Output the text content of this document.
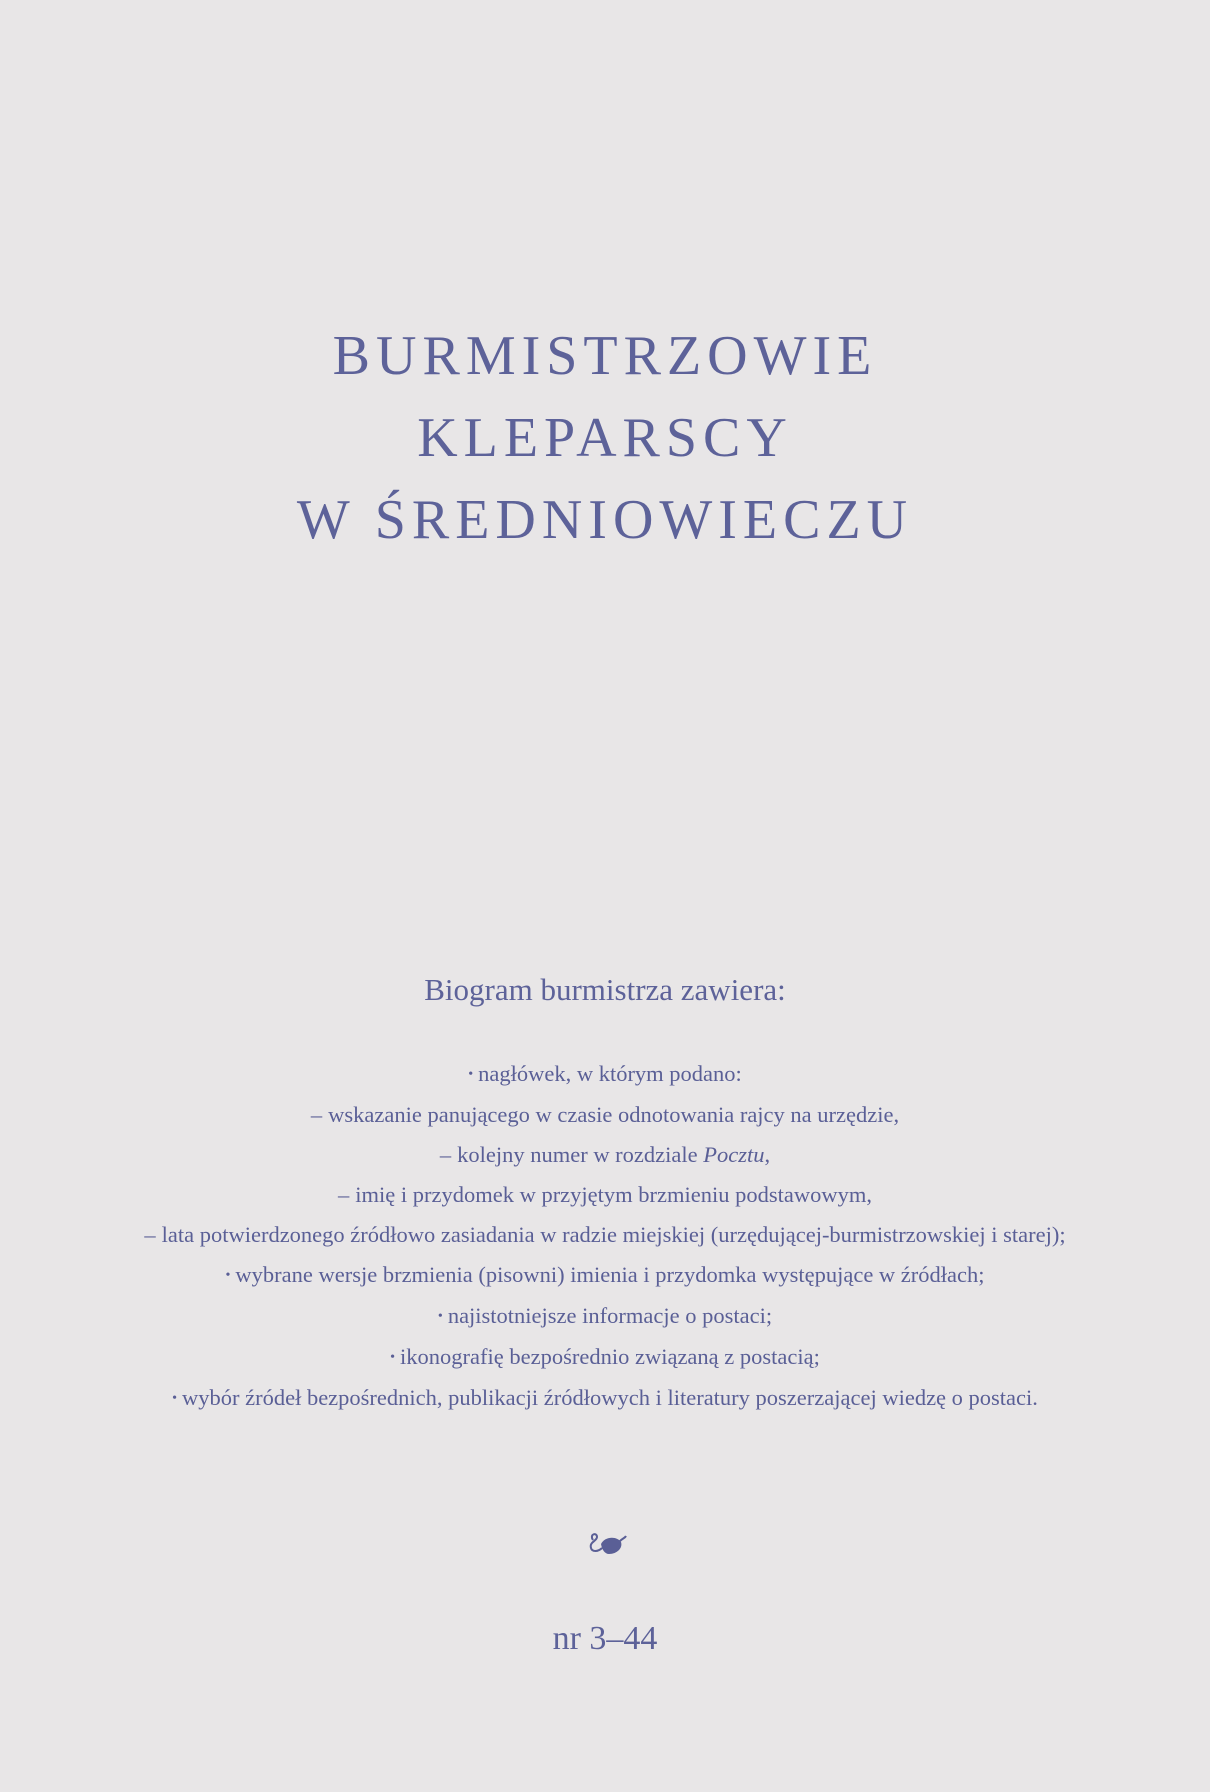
BURMISTRZOWIE
KLEPARSCY
W ŚREDNIOWIECZU

Biogram burmistrza zawiera:

• nagłówek, w którym podano:
– wskazanie panującego w czasie odnotowania rajcy na urzędzie,
– kolejny numer w rozdziale Pocztu,
– imię i przydomek w przyjętym brzmieniu podstawowym,
– lata potwierdzonego źródłowo zasiadania w radzie miejskiej (urzędującej-burmistrzowskiej i starej);
• wybrane wersje brzmienia (pisowni) imienia i przydomka występujące w źródłach;
• najistotniejsze informacje o postaci;
• ikonografię bezpośrednio związaną z postacią;
• wybór źródeł bezpośrednich, publikacji źródłowych i literatury poszerzającej wiedzę o postaci.
nr 3–44
